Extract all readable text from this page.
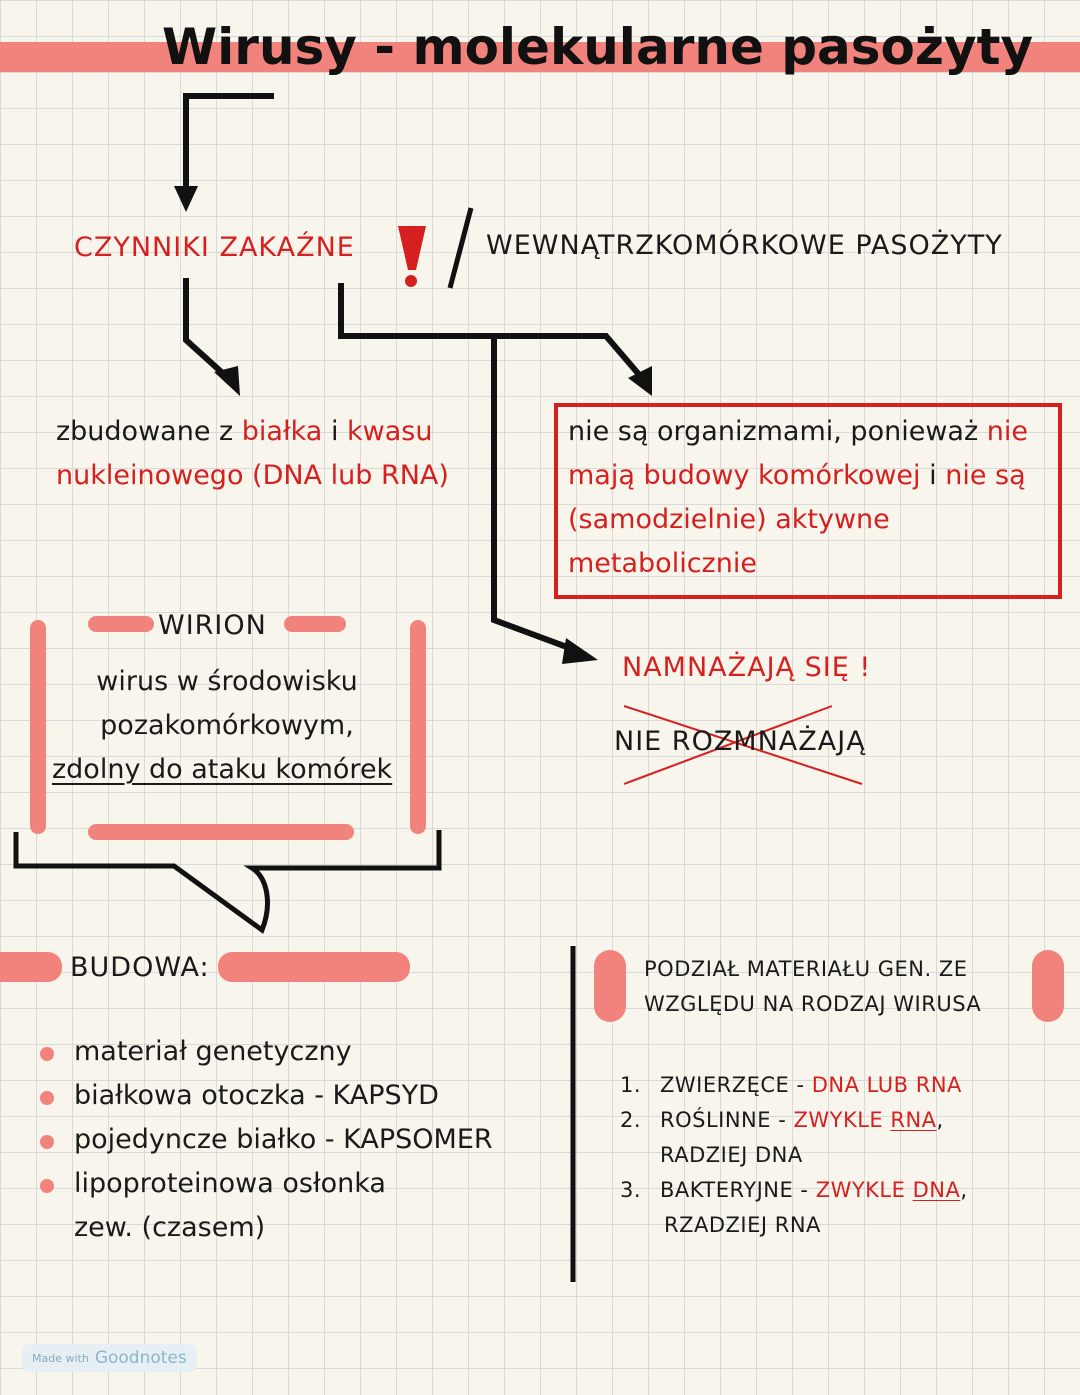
Wirusy - molekularne pasożyty
CZYNNIKI ZAKAŹNE	WEWNĄTRZKOMÓRKOWE PASOŻYTY
zbudowane z białka i kwasu
nukleinowego (DNA lub RNA)
nie są organizmami, ponieważ nie
mają budowy komórkowej i nie są
(samodzielnie) aktywne
metabolicznie
NAMNAŻAJĄ SIĘ !
NIE ROZMNAŻAJĄ
WIRION
wirus w środowisku
pozakomórkowym,
zdolny do ataku komórek
BUDOWA:
materiał genetyczny
białkowa otoczka - KAPSYD
pojedyncze białko - KAPSOMER
lipoproteinowa osłonka
zew. (czasem)
PODZIAŁ MATERIAŁU GEN. ZE
WZGLĘDU NA RODZAJ WIRUSA
1. ZWIERZĘCE - DNA LUB RNA
2. ROŚLINNE - ZWYKLE RNA,
RADZIEJ DNA
3. BAKTERYJNE - ZWYKLE DNA,
RZADZIEJ RNA
Made with Goodnotes
